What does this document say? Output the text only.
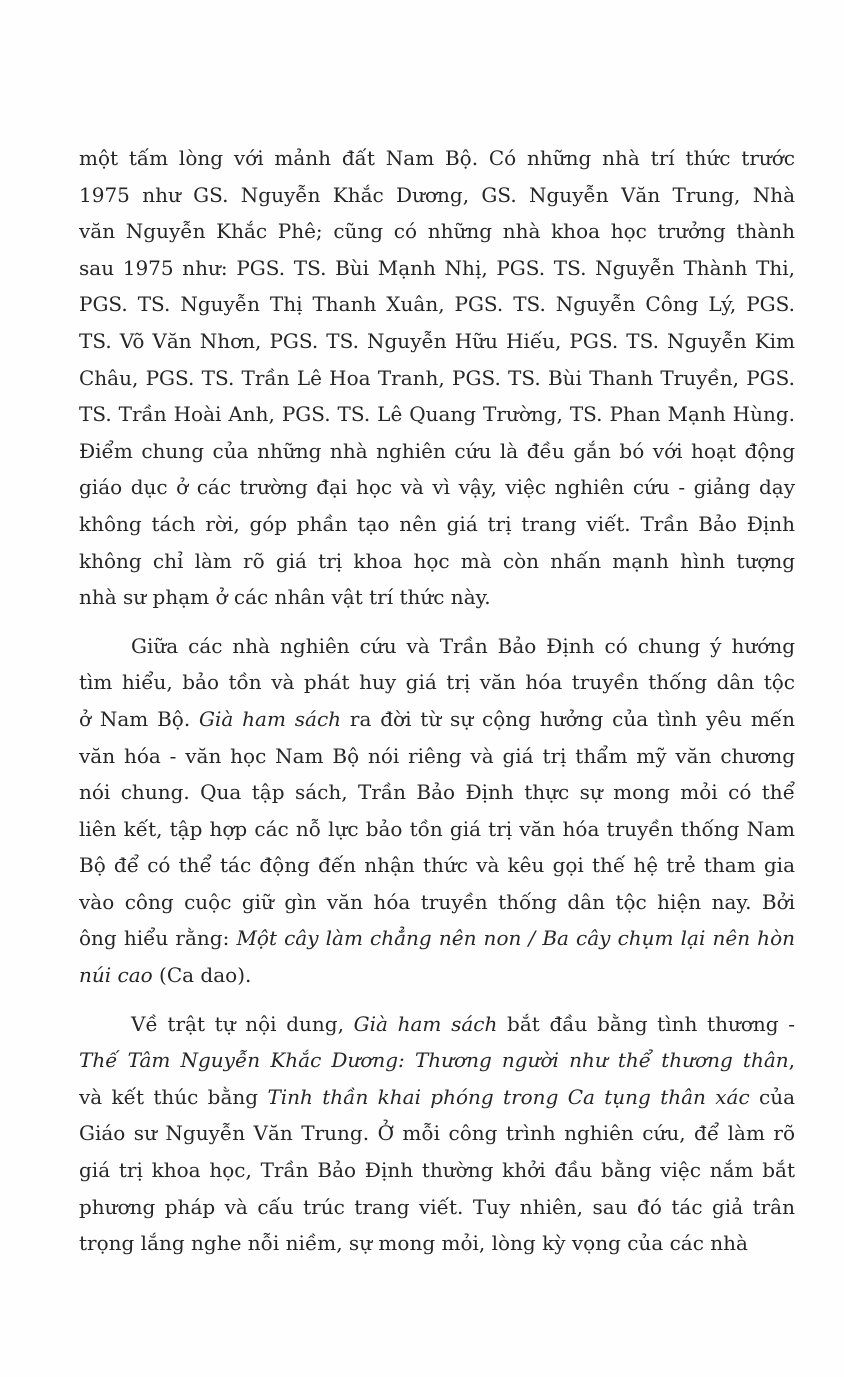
một tấm lòng với mảnh đất Nam Bộ. Có những nhà trí thức trước
1975 như GS. Nguyễn Khắc Dương, GS. Nguyễn Văn Trung, Nhà
văn Nguyễn Khắc Phê; cũng có những nhà khoa học trưởng thành
sau 1975 như: PGS. TS. Bùi Mạnh Nhị, PGS. TS. Nguyễn Thành Thi,
PGS. TS. Nguyễn Thị Thanh Xuân, PGS. TS. Nguyễn Công Lý, PGS.
TS. Võ Văn Nhơn, PGS. TS. Nguyễn Hữu Hiếu, PGS. TS. Nguyễn Kim
Châu, PGS. TS. Trần Lê Hoa Tranh, PGS. TS. Bùi Thanh Truyền, PGS.
TS. Trần Hoài Anh, PGS. TS. Lê Quang Trường, TS. Phan Mạnh Hùng.
Điểm chung của những nhà nghiên cứu là đều gắn bó với hoạt động
giáo dục ở các trường đại học và vì vậy, việc nghiên cứu - giảng dạy
không tách rời, góp phần tạo nên giá trị trang viết. Trần Bảo Định
không chỉ làm rõ giá trị khoa học mà còn nhấn mạnh hình tượng
nhà sư phạm ở các nhân vật trí thức này.
Giữa các nhà nghiên cứu và Trần Bảo Định có chung ý hướng
tìm hiểu, bảo tồn và phát huy giá trị văn hóa truyền thống dân tộc
ở Nam Bộ. Già ham sách ra đời từ sự cộng hưởng của tình yêu mến
văn hóa - văn học Nam Bộ nói riêng và giá trị thẩm mỹ văn chương
nói chung. Qua tập sách, Trần Bảo Định thực sự mong mỏi có thể
liên kết, tập hợp các nỗ lực bảo tồn giá trị văn hóa truyền thống Nam
Bộ để có thể tác động đến nhận thức và kêu gọi thế hệ trẻ tham gia
vào công cuộc giữ gìn văn hóa truyền thống dân tộc hiện nay. Bởi
ông hiểu rằng: Một cây làm chẳng nên non / Ba cây chụm lại nên hòn
núi cao (Ca dao).
Về trật tự nội dung, Già ham sách bắt đầu bằng tình thương -
Thế Tâm Nguyễn Khắc Dương: Thương người như thể thương thân,
và kết thúc bằng Tinh thần khai phóng trong Ca tụng thân xác của
Giáo sư Nguyễn Văn Trung. Ở mỗi công trình nghiên cứu, để làm rõ
giá trị khoa học, Trần Bảo Định thường khởi đầu bằng việc nắm bắt
phương pháp và cấu trúc trang viết. Tuy nhiên, sau đó tác giả trân
trọng lắng nghe nỗi niềm, sự mong mỏi, lòng kỳ vọng của các nhà
